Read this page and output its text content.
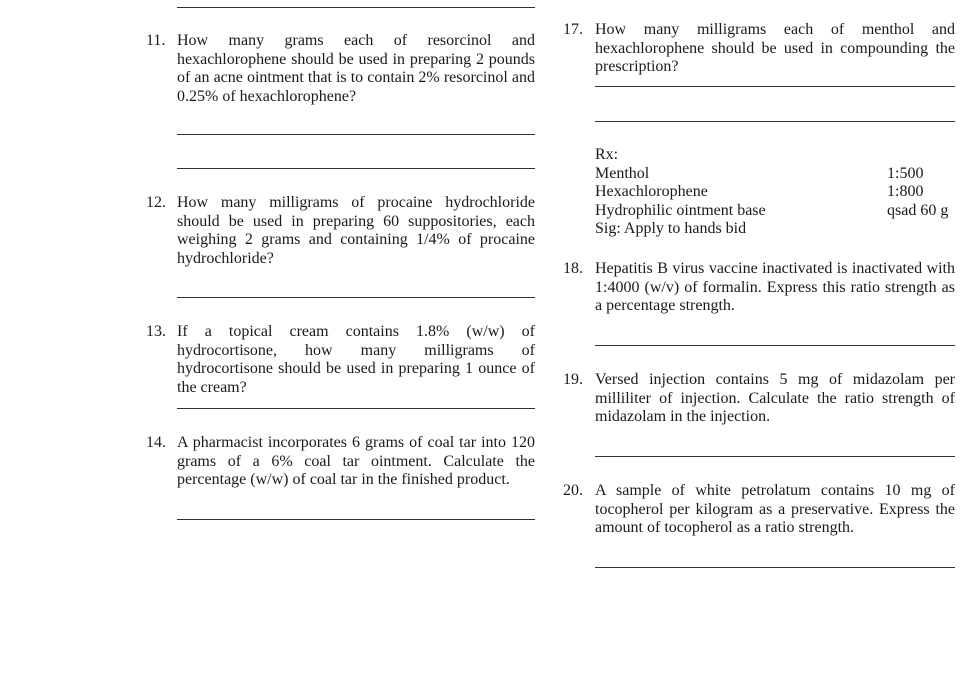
11. How many grams each of resorcinol and hexachlorophene should be used in preparing 2 pounds of an acne ointment that is to contain 2% resorcinol and 0.25% of hexachlorophene?
12. How many milligrams of procaine hydrochloride should be used in preparing 60 suppositories, each weighing 2 grams and containing 1/4% of procaine hydrochloride?
13. If a topical cream contains 1.8% (w/w) of hydrocortisone, how many milligrams of hydrocortisone should be used in preparing 1 ounce of the cream?
14. A pharmacist incorporates 6 grams of coal tar into 120 grams of a 6% coal tar ointment. Calculate the percentage (w/w) of coal tar in the finished product.
17. How many milligrams each of menthol and hexachlorophene should be used in compounding the prescription?
Rx:
Menthol	1:500
Hexachlorophene	1:800
Hydrophilic ointment base	qsad 60 g
Sig: Apply to hands bid
18. Hepatitis B virus vaccine inactivated is inactivated with 1:4000 (w/v) of formalin. Express this ratio strength as a percentage strength.
19. Versed injection contains 5 mg of midazolam per milliliter of injection. Calculate the ratio strength of midazolam in the injection.
20. A sample of white petrolatum contains 10 mg of tocopherol per kilogram as a preservative. Express the amount of tocopherol as a ratio strength.
